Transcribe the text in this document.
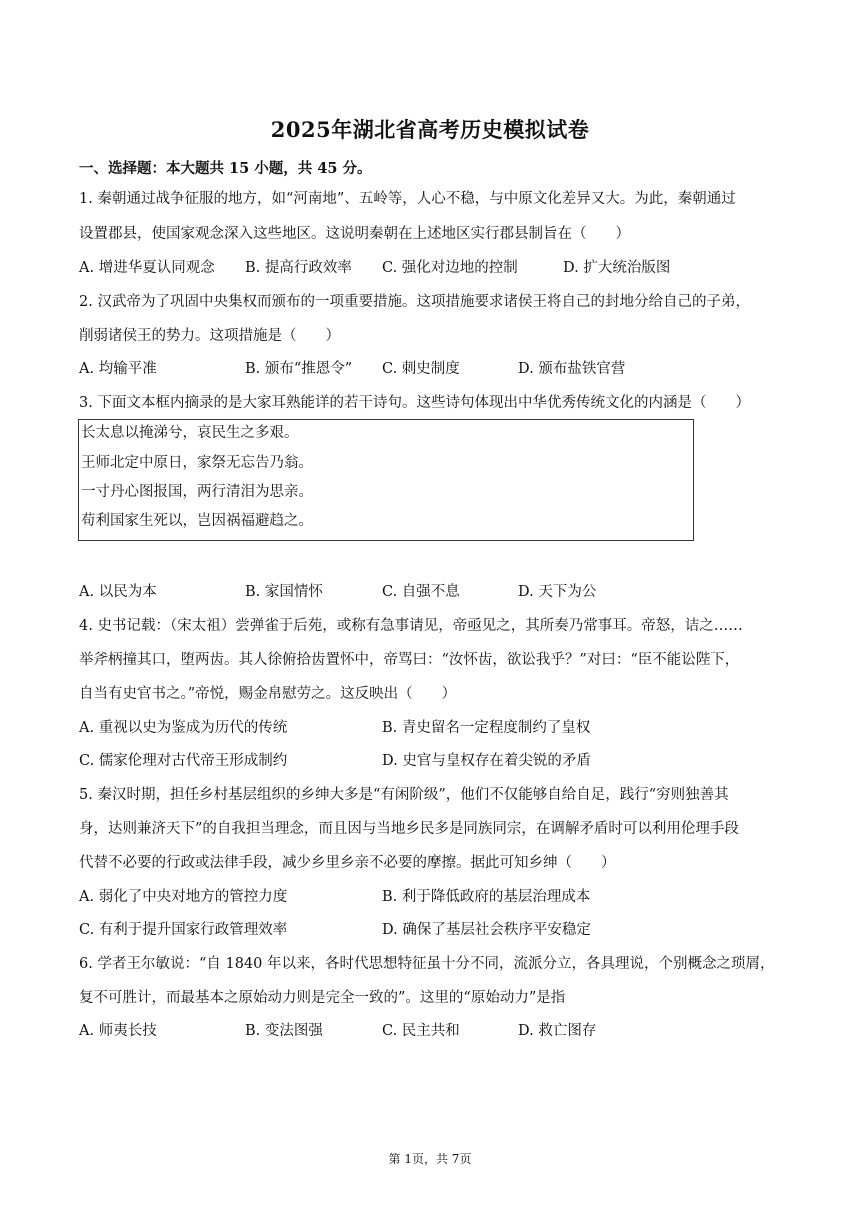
2025年湖北省高考历史模拟试卷
一、选择题：本大题共 15 小题，共 45 分。
1. 秦朝通过战争征服的地方，如“河南地”、五岭等，人心不稳，与中原文化差异又大。为此，秦朝通过
设置郡县，使国家观念深入这些地区。这说明秦朝在上述地区实行郡县制旨在（　　）
A. 增进华夏认同观念 B. 提高行政效率 C. 强化对边地的控制	D. 扩大统治版图
2. 汉武帝为了巩固中央集权而颁布的一项重要措施。这项措施要求诸侯王将自己的封地分给自己的子弟，
削弱诸侯王的势力。这项措施是（　　）
A. 均输平准	B. 颁布“推恩令” C. 刺史制度	D. 颁布盐铁官营
3. 下面文本框内摘录的是大家耳熟能详的若干诗句。这些诗句体现出中华优秀传统文化的内涵是（　　）
长太息以掩涕兮，哀民生之多艰。
王师北定中原日，家祭无忘告乃翁。
一寸丹心图报国，两行清泪为思亲。
苟利国家生死以，岂因祸福避趋之。
A. 以民为本	B. 家国情怀	C. 自强不息	D. 天下为公
4. 史书记载：（宋太祖）尝弹雀于后苑，或称有急事请见，帝亟见之，其所奏乃常事耳。帝怒，诘之……
举斧柄撞其口，堕两齿。其人徐俯拾齿置怀中，帝骂曰：“汝怀齿，欲讼我乎？”对曰：“臣不能讼陛下，
自当有史官书之。”帝悦，赐金帛慰劳之。这反映出（　　）
A. 重视以史为鉴成为历代的传统	B. 青史留名一定程度制约了皇权
C. 儒家伦理对古代帝王形成制约	D. 史官与皇权存在着尖锐的矛盾
5. 秦汉时期，担任乡村基层组织的乡绅大多是“有闲阶级”，他们不仅能够自给自足，践行“穷则独善其
身，达则兼济天下”的自我担当理念，而且因与当地乡民多是同族同宗，在调解矛盾时可以利用伦理手段
代替不必要的行政或法律手段，减少乡里乡亲不必要的摩擦。据此可知乡绅（　　）
A. 弱化了中央对地方的管控力度	B. 利于降低政府的基层治理成本
C. 有利于提升国家行政管理效率	D. 确保了基层社会秩序平安稳定
6. 学者王尔敏说：“自 1840 年以来，各时代思想特征虽十分不同，流派分立，各具理说，个别概念之琐屑，
复不可胜计，而最基本之原始动力则是完全一致的”。这里的“原始动力”是指
A. 师夷长技	B. 变法图强	C. 民主共和	D. 救亡图存
第 1页，共 7页
